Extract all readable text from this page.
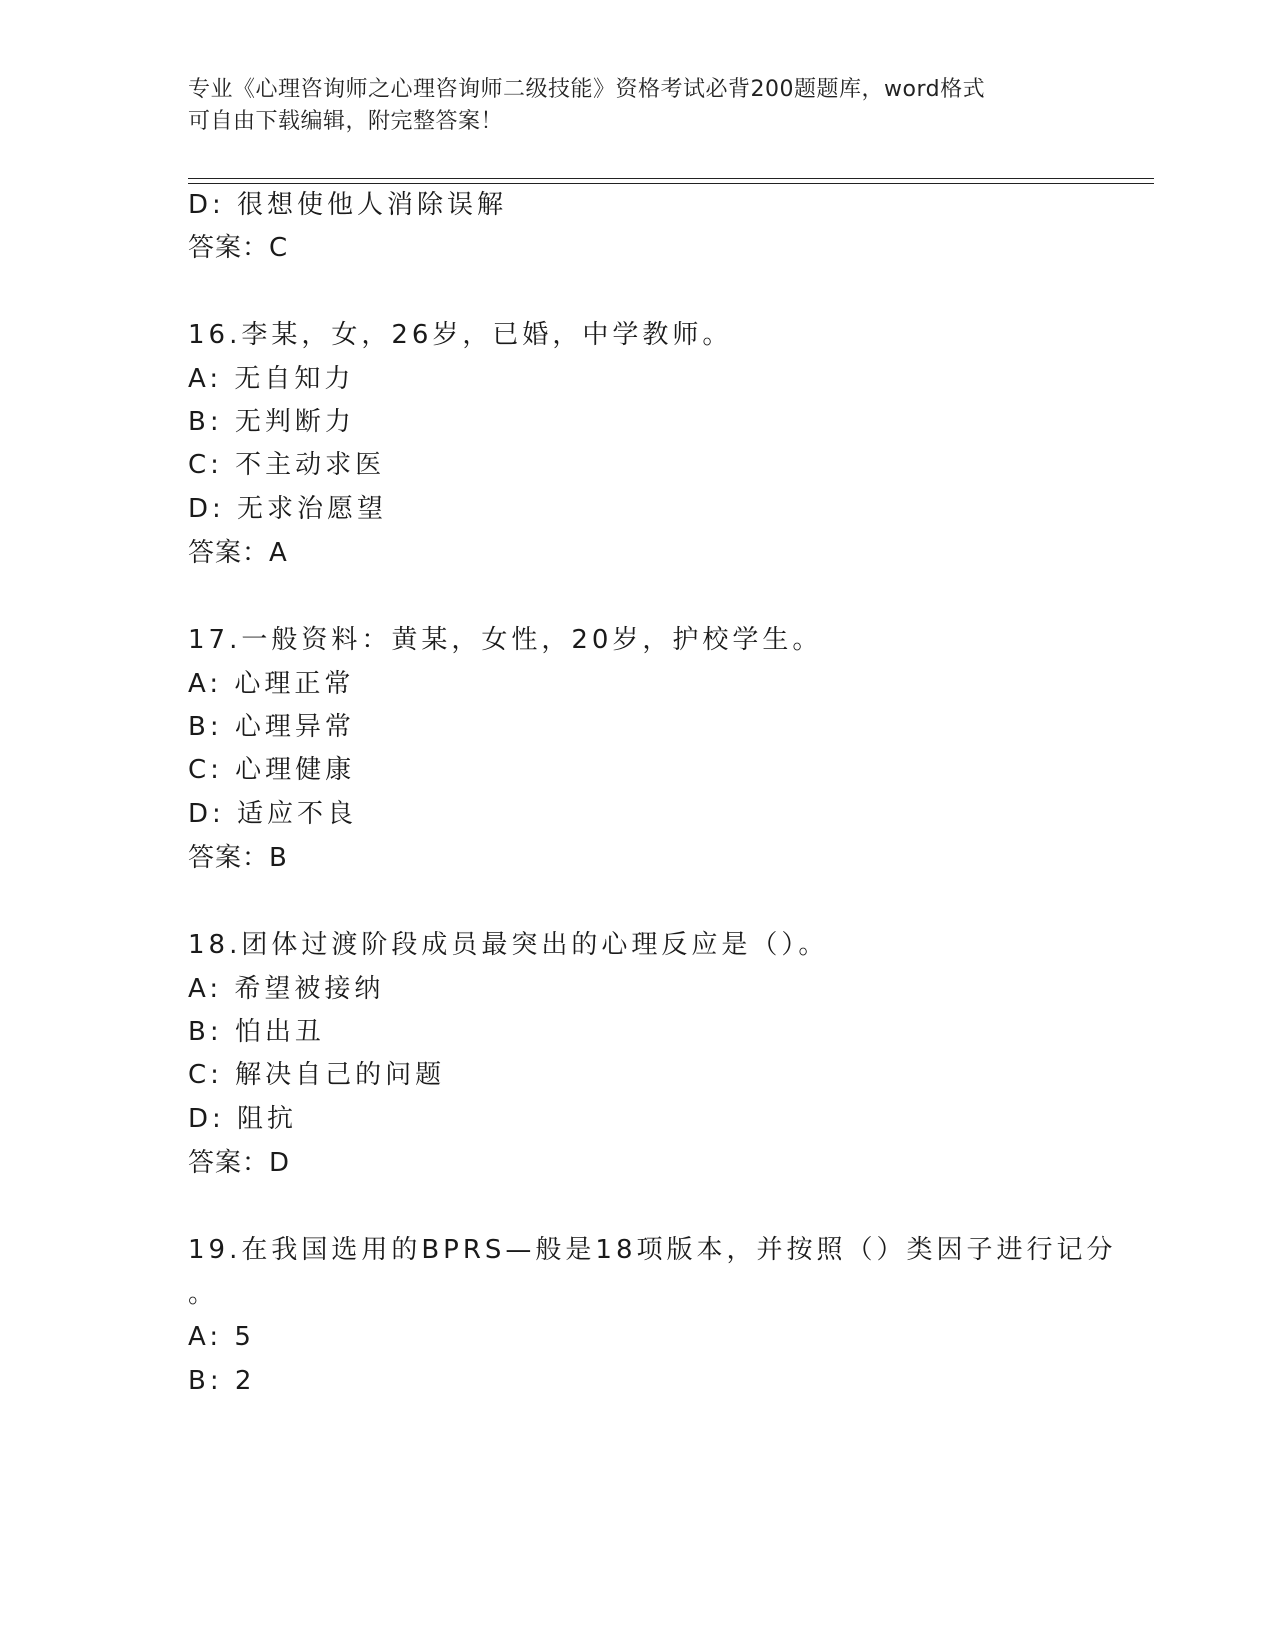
专业《心理咨询师之心理咨询师二级技能》资格考试必背200题题库，word格式
可自由下载编辑，附完整答案！
D: 很想使他人消除误解
答案：C
16.李某，女，26岁，已婚，中学教师。
A: 无自知力
B: 无判断力
C: 不主动求医
D: 无求治愿望
答案：A
17.一般资料：黄某，女性，20岁，护校学生。
A: 心理正常
B: 心理异常
C: 心理健康
D: 适应不良
答案：B
18.团体过渡阶段成员最突出的心理反应是（）。
A: 希望被接纳
B: 怕出丑
C: 解决自己的问题
D: 阻抗
答案：D
19.在我国选用的BPRS—般是18项版本，并按照（）类因子进行记分
。
A: 5
B: 2
